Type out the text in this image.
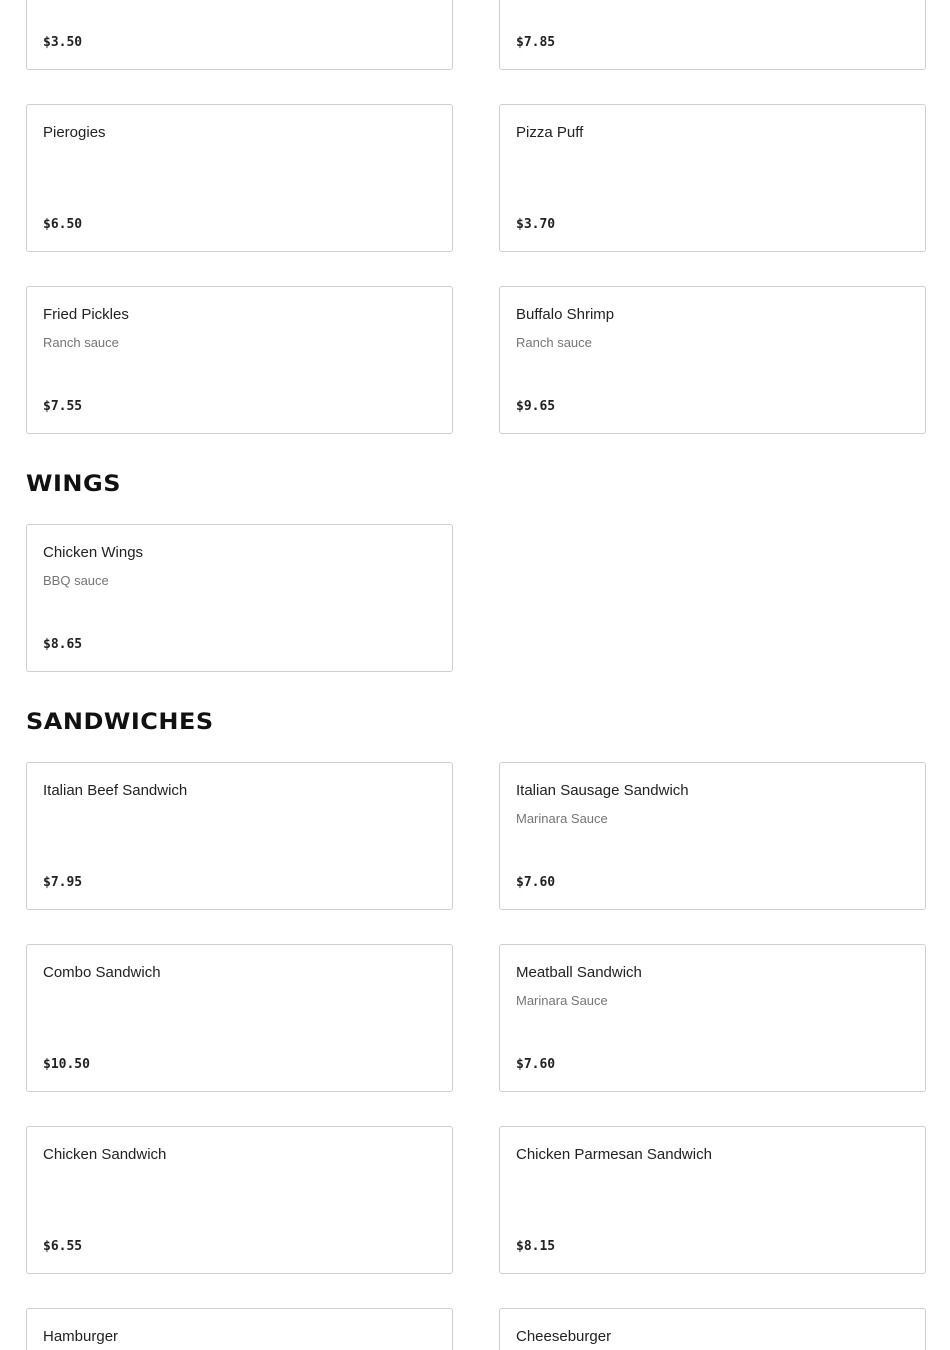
$3.50	$7.85
Pierogies
$6.50
Pizza Puff
$3.70
Fried Pickles
Ranch sauce
$7.55
Buffalo Shrimp
Ranch sauce
$9.65
WINGS
Chicken Wings
BBQ sauce
$8.65
SANDWICHES
Italian Beef Sandwich
$7.95
Italian Sausage Sandwich
Marinara Sauce
$7.60
Combo Sandwich
$10.50
Meatball Sandwich
Marinara Sauce
$7.60
Chicken Sandwich
$6.55
Chicken Parmesan Sandwich
$8.15
Hamburger	Cheeseburger
